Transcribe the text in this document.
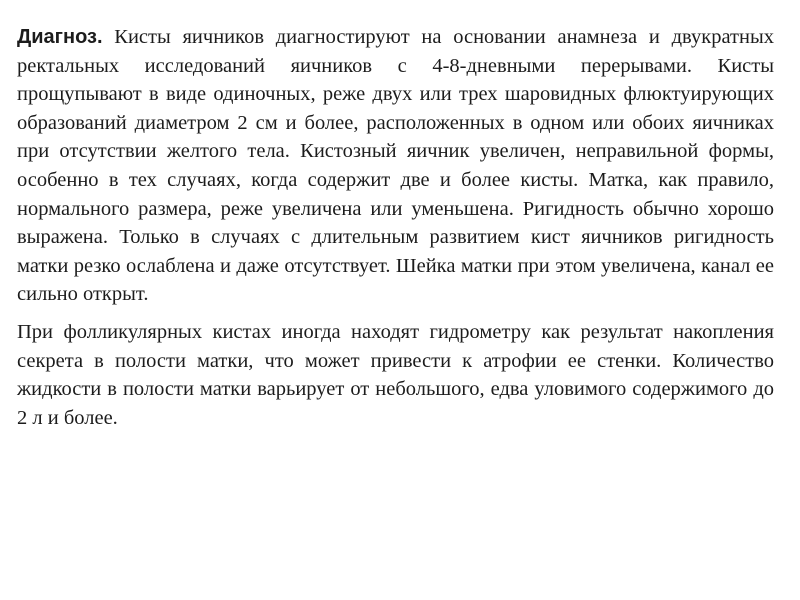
Диагноз. Кисты яичников диагностируют на основании анамнеза и двукратных ректальных исследований яичников с 4-8-дневными перерывами. Кисты прощупывают в виде одиночных, реже двух или трех шаровидных флюктуирующих образований диаметром 2 см и более, расположенных в одном или обоих яичниках при отсутствии желтого тела. Кистозный яичник увеличен, неправильной формы, особенно в тех случаях, когда содержит две и более кисты. Матка, как правило, нормального размера, реже увеличена или уменьшена. Ригидность обычно хорошо выражена. Только в случаях с длительным развитием кист яичников ригидность матки резко ослаблена и даже отсутствует. Шейка матки при этом увеличена, канал ее сильно открыт.

При фолликулярных кистах иногда находят гидрометру как результат накопления секрета в полости матки, что может привести к атрофии ее стенки. Количество жидкости в полости матки варьирует от небольшого, едва уловимого содержимого до 2 л и более.
